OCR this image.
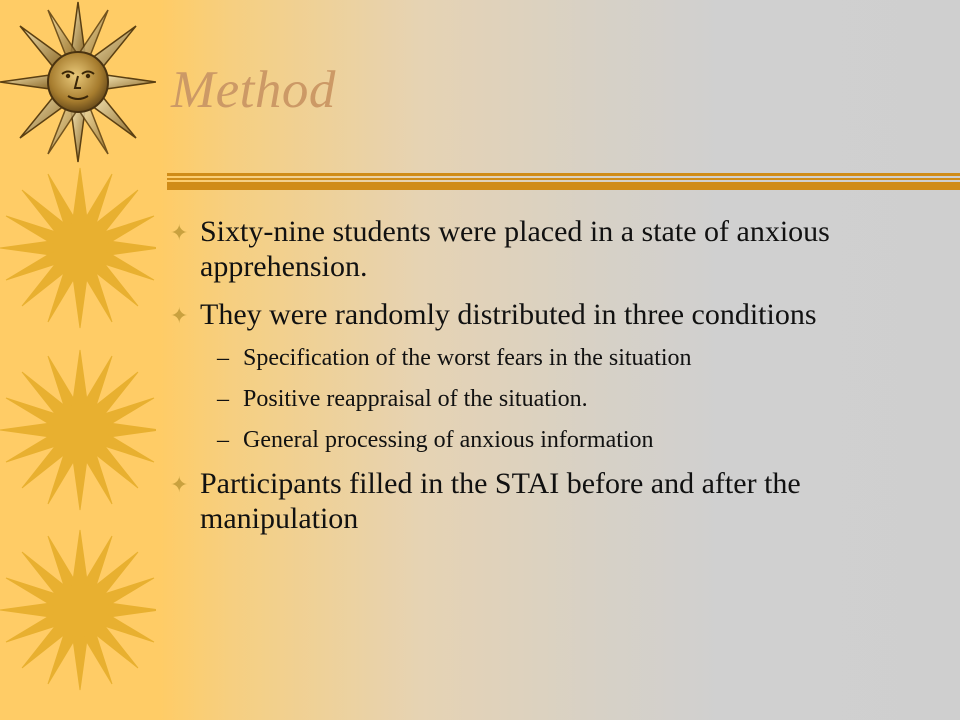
Method
✦ Sixty-nine students were placed in a state of anxious apprehension.
✦ They were randomly distributed in three conditions
– Specification of the worst fears in the situation
– Positive reappraisal of the situation.
– General processing of anxious information
✦ Participants filled in the STAI before and after the manipulation
